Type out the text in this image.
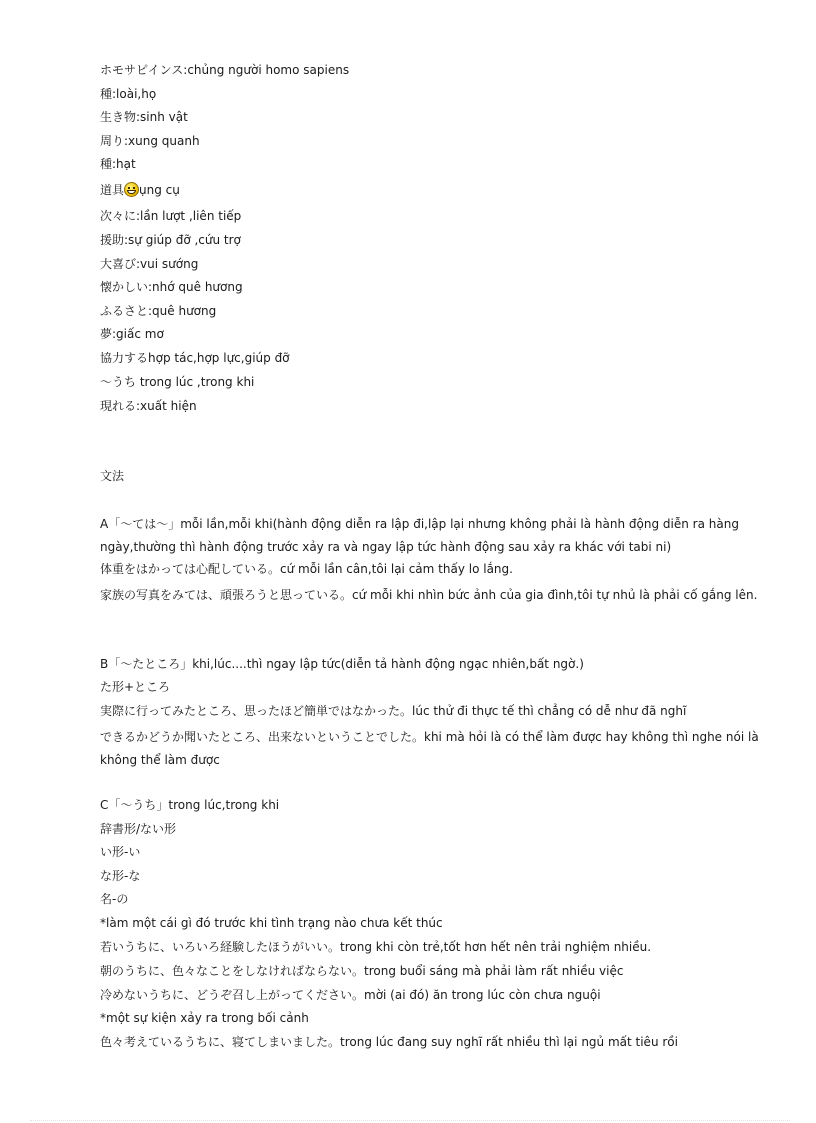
ホモサピインス:chủng người homo sapiens
種:loài,họ
生き物:sinh vật
周り:xung quanh
種:hạt
道具 ụng cụ
次々に:lần lượt ,liên tiếp
援助:sự giúp đỡ ,cứu trợ
大喜び:vui sướng
懐かしい:nhớ quê hương
ふるさと:quê hương
夢:giấc mơ
協力するhợp tác,hợp lực,giúp đỡ
〜うち trong lúc ,trong khi
現れる:xuất hiện
文法
A「〜ては〜」mỗi lần,mỗi khi(hành động diễn ra lập đi,lập lại nhưng không phải là hành động diễn ra hàng ngày,thường thì hành động trước xảy ra và ngay lập tức hành động sau xảy ra khác với tabi ni)
体重をはかっては心配している。cứ mỗi lần cân,tôi lại cảm thấy lo lắng.
家族の写真をみては、頑張ろうと思っている。cứ mỗi khi nhìn bức ảnh của gia đình,tôi tự nhủ là phải cố gắng lên.
B「〜たところ」khi,lúc....thì ngay lập tức(diễn tả hành động ngạc nhiên,bất ngờ.)
た形+ところ
実際に行ってみたところ、思ったほど簡単ではなかった。lúc thử đi thực tế thì chẳng có dễ như đã nghĩ
できるかどうか聞いたところ、出来ないということでした。khi mà hỏi là có thể làm được hay không thì nghe nói là không thể làm được
C「〜うち」trong lúc,trong khi
辞書形/ない形
い形-い
な形-な
名-の
*làm một cái gì đó trước khi tình trạng nào chưa kết thúc
若いうちに、いろいろ経験したほうがいい。trong khi còn trẻ,tốt hơn hết nên trải nghiệm nhiều.
朝のうちに、色々なことをしなければならない。trong buổi sáng mà phải làm rất nhiều việc
冷めないうちに、どうぞ召し上がってください。mời (ai đó) ăn trong lúc còn chưa nguội
*một sự kiện xảy ra trong bối cảnh
色々考えているうちに、寝てしまいました。trong lúc đang suy nghĩ rất nhiều thì lại ngủ mất tiêu rồi
